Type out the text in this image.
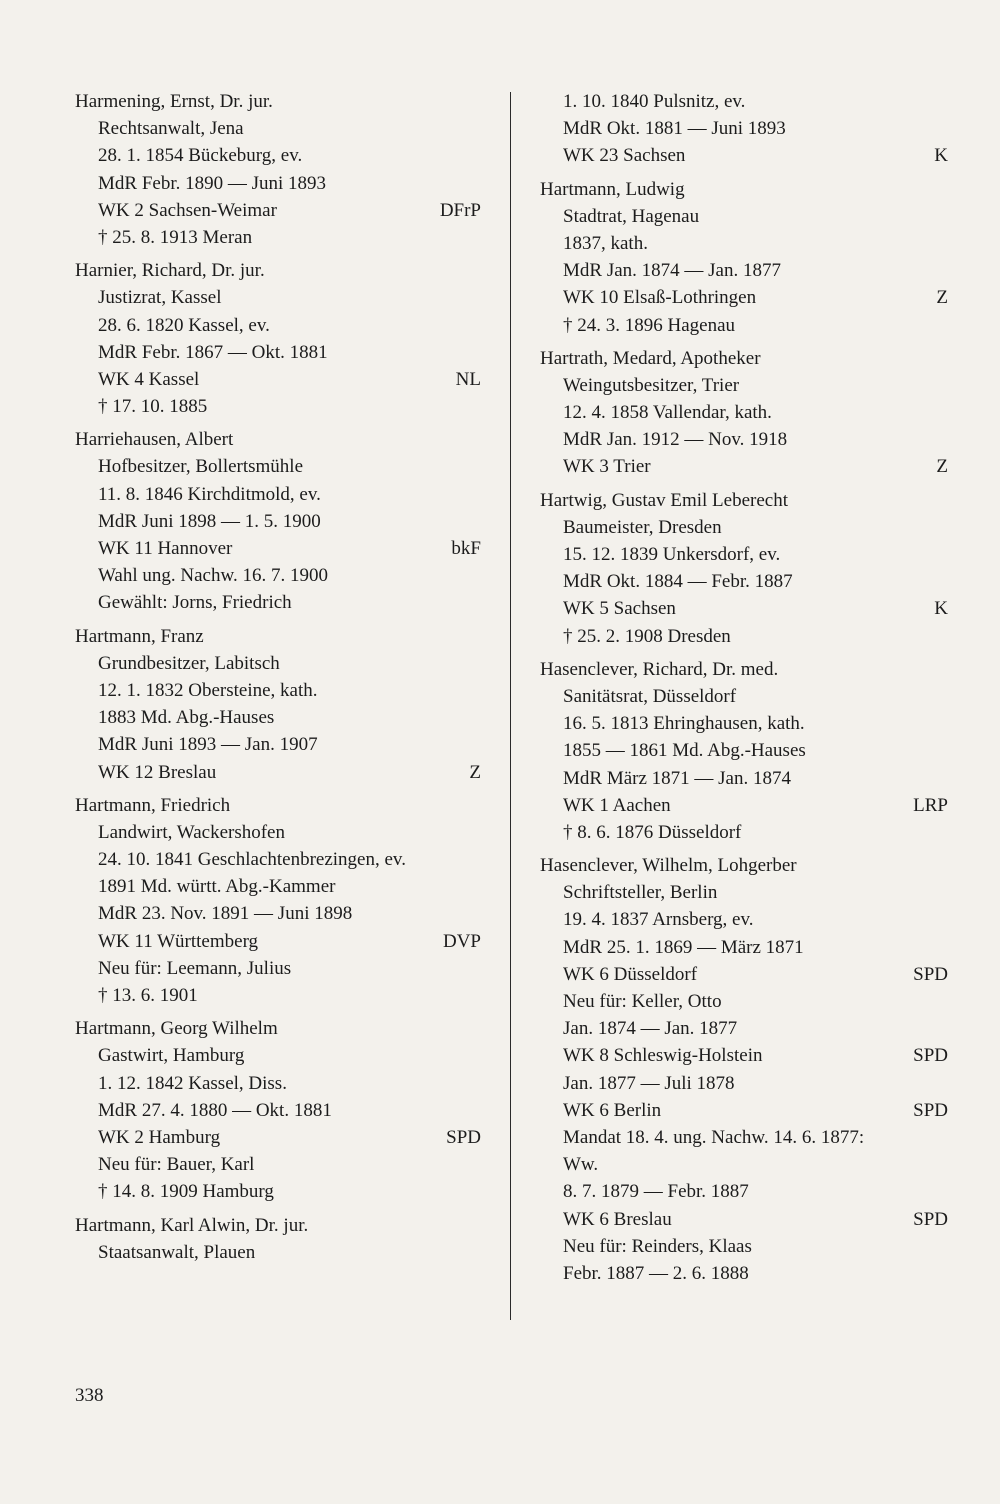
Harmening, Ernst, Dr. jur.
Rechtsanwalt, Jena
28. 1. 1854 Bückeburg, ev.
MdR Febr. 1890 — Juni 1893
WK 2 Sachsen-Weimar	DFrP
† 25. 8. 1913 Meran
Harnier, Richard, Dr. jur.
Justizrat, Kassel
28. 6. 1820 Kassel, ev.
MdR Febr. 1867 — Okt. 1881
WK 4 Kassel	NL
† 17. 10. 1885
Harriehausen, Albert
Hofbesitzer, Bollertsmühle
11. 8. 1846 Kirchditmold, ev.
MdR Juni 1898 — 1. 5. 1900
WK 11 Hannover	bkF
Wahl ung. Nachw. 16. 7. 1900
Gewählt: Jorns, Friedrich
Hartmann, Franz
Grundbesitzer, Labitsch
12. 1. 1832 Obersteine, kath.
1883 Md. Abg.-Hauses
MdR Juni 1893 — Jan. 1907
WK 12 Breslau	Z
Hartmann, Friedrich
Landwirt, Wackershofen
24. 10. 1841 Geschlachtenbrezingen, ev.
1891 Md. württ. Abg.-Kammer
MdR 23. Nov. 1891 — Juni 1898
WK 11 Württemberg	DVP
Neu für: Leemann, Julius
† 13. 6. 1901
Hartmann, Georg Wilhelm
Gastwirt, Hamburg
1. 12. 1842 Kassel, Diss.
MdR 27. 4. 1880 — Okt. 1881
WK 2 Hamburg	SPD
Neu für: Bauer, Karl
† 14. 8. 1909 Hamburg
Hartmann, Karl Alwin, Dr. jur.
Staatsanwalt, Plauen
1. 10. 1840 Pulsnitz, ev.
MdR Okt. 1881 — Juni 1893
WK 23 Sachsen	K
Hartmann, Ludwig
Stadtrat, Hagenau
1837, kath.
MdR Jan. 1874 — Jan. 1877
WK 10 Elsaß-Lothringen	Z
† 24. 3. 1896 Hagenau
Hartrath, Medard, Apotheker
Weingutsbesitzer, Trier
12. 4. 1858 Vallendar, kath.
MdR Jan. 1912 — Nov. 1918
WK 3 Trier	Z
Hartwig, Gustav Emil Leberecht
Baumeister, Dresden
15. 12. 1839 Unkersdorf, ev.
MdR Okt. 1884 — Febr. 1887
WK 5 Sachsen	K
† 25. 2. 1908 Dresden
Hasenclever, Richard, Dr. med.
Sanitätsrat, Düsseldorf
16. 5. 1813 Ehringhausen, kath.
1855 — 1861 Md. Abg.-Hauses
MdR März 1871 — Jan. 1874
WK 1 Aachen	LRP
† 8. 6. 1876 Düsseldorf
Hasenclever, Wilhelm, Lohgerber
Schriftsteller, Berlin
19. 4. 1837 Arnsberg, ev.
MdR 25. 1. 1869 — März 1871
WK 6 Düsseldorf	SPD
Neu für: Keller, Otto
Jan. 1874 — Jan. 1877
WK 8 Schleswig-Holstein	SPD
Jan. 1877 — Juli 1878
WK 6 Berlin	SPD
Mandat 18. 4. ung. Nachw. 14. 6. 1877:
Ww.
8. 7. 1879 — Febr. 1887
WK 6 Breslau	SPD
Neu für: Reinders, Klaas
Febr. 1887 — 2. 6. 1888
338
